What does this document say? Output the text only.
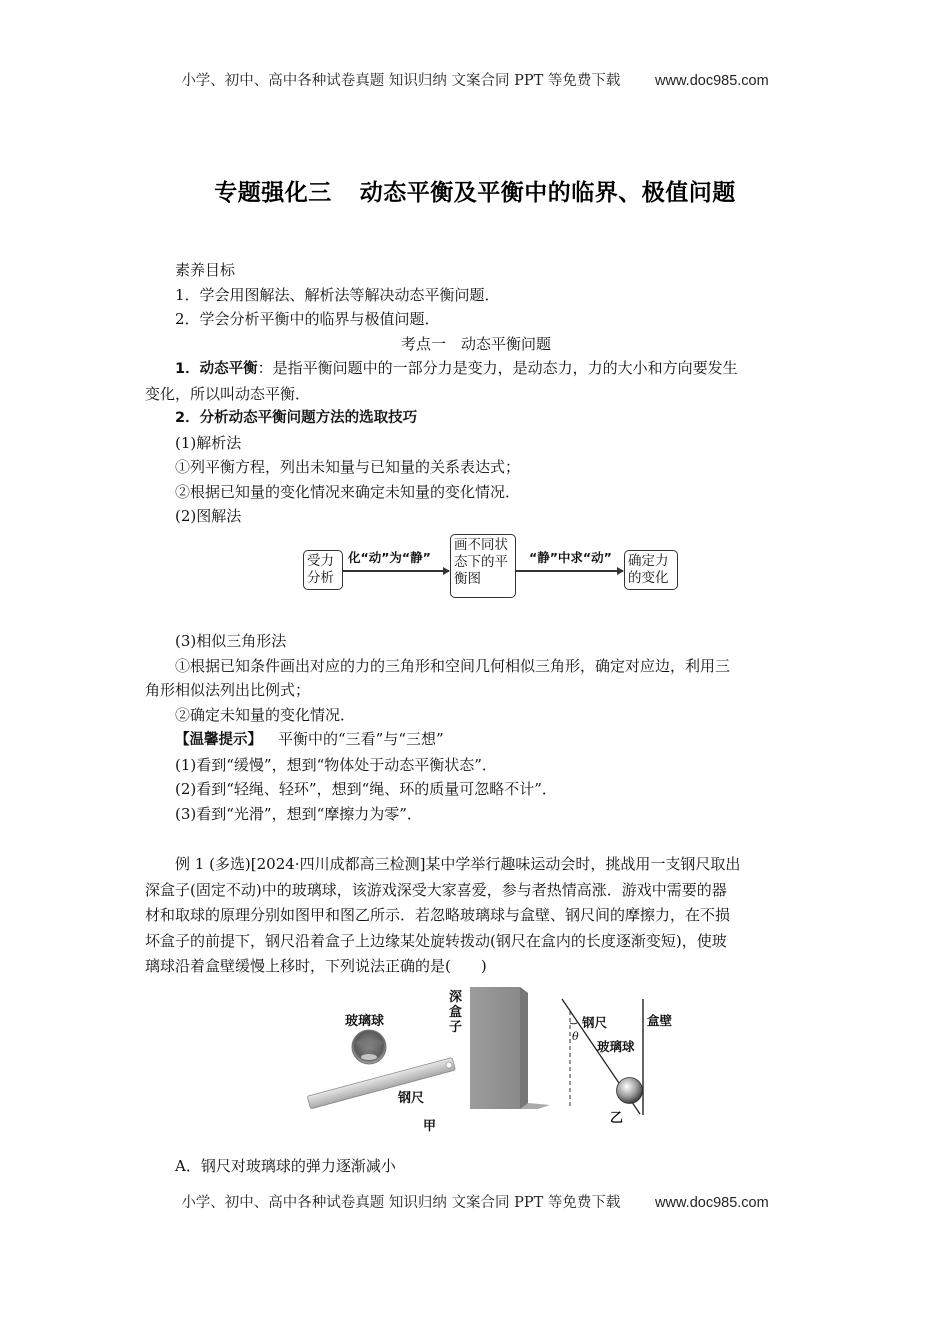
小学、初中、高中各种试卷真题 知识归纳 文案合同 PPT 等免费下载 www.doc985.com
专题强化三 动态平衡及平衡中的临界、极值问题
素养目标
1．学会用图解法、解析法等解决动态平衡问题．
2．学会分析平衡中的临界与极值问题．
考点一　动态平衡问题
1．动态平衡：是指平衡问题中的一部分力是变力，是动态力，力的大小和方向要发生
变化，所以叫动态平衡．
2．分析动态平衡问题方法的选取技巧
(1)解析法
①列平衡方程，列出未知量与已知量的关系表达式；
②根据已知量的变化情况来确定未知量的变化情况．
(2)图解法
受力
分析
化“动”为“静”
画不同状
态下的平
衡图
“静”中求“动” 确定力
的变化
(3)相似三角形法
①根据已知条件画出对应的力的三角形和空间几何相似三角形，确定对应边，利用三
角形相似法列出比例式；
②确定未知量的变化情况．
【温馨提示】 平衡中的“三看”与“三想”
(1)看到“缓慢”，想到“物体处于动态平衡状态”．
(2)看到“轻绳、轻环”，想到“绳、环的质量可忽略不计”．
(3)看到“光滑”，想到“摩擦力为零”．
例 1 (多选)[2024·四川成都高三检测]某中学举行趣味运动会时，挑战用一支钢尺取出
深盒子(固定不动)中的玻璃球，该游戏深受大家喜爱，参与者热情高涨．游戏中需要的器
材和取球的原理分别如图甲和图乙所示．若忽略玻璃球与盒壁、钢尺间的摩擦力，在不损
坏盒子的前提下，钢尺沿着盒子上边缘某处旋转拨动(钢尺在盒内的长度逐渐变短)，使玻
璃球沿着盒壁缓慢上移时，下列说法正确的是(　　)
玻璃球
深盒子
钢尺
甲
钢尺
θ
玻璃球
盒壁
乙
A．钢尺对玻璃球的弹力逐渐减小
小学、初中、高中各种试卷真题 知识归纳 文案合同 PPT 等免费下载 www.doc985.com
